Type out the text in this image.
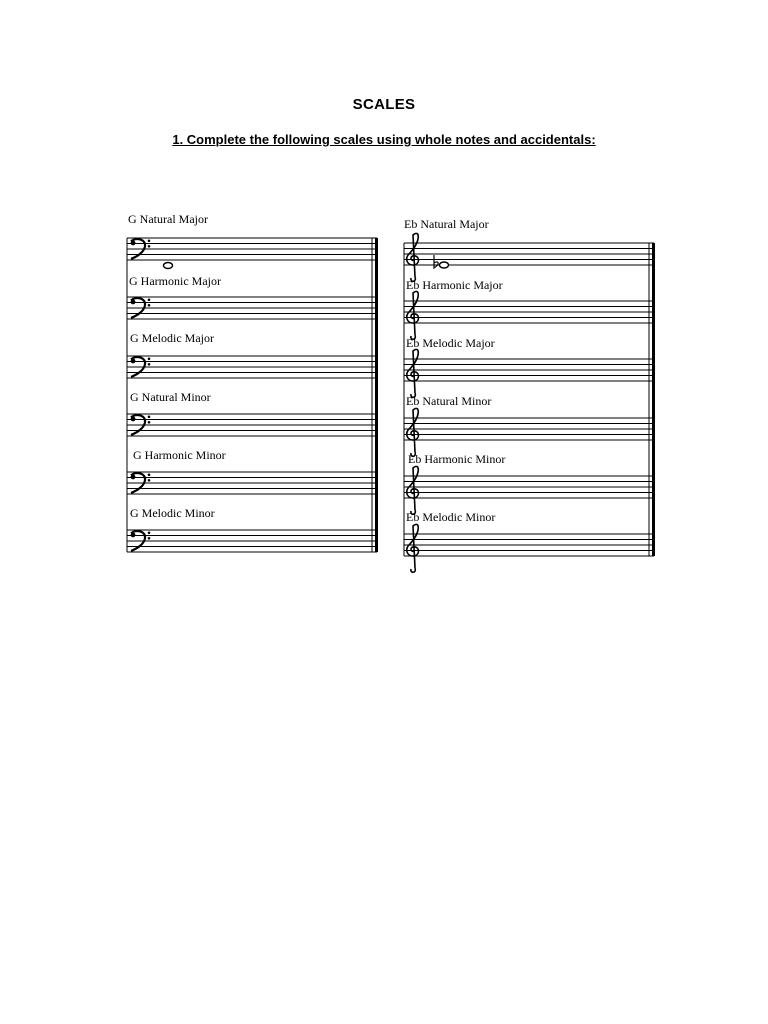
SCALES
1. Complete the following scales using whole notes and accidentals:
G Natural Major
G Harmonic Major
G Melodic Major
G Natural Minor
G Harmonic Minor
G Melodic Minor
Eb Natural Major
Eb Harmonic Major
Eb Melodic Major
Eb Natural Minor
Eb Harmonic Minor
Eb Melodic Minor
